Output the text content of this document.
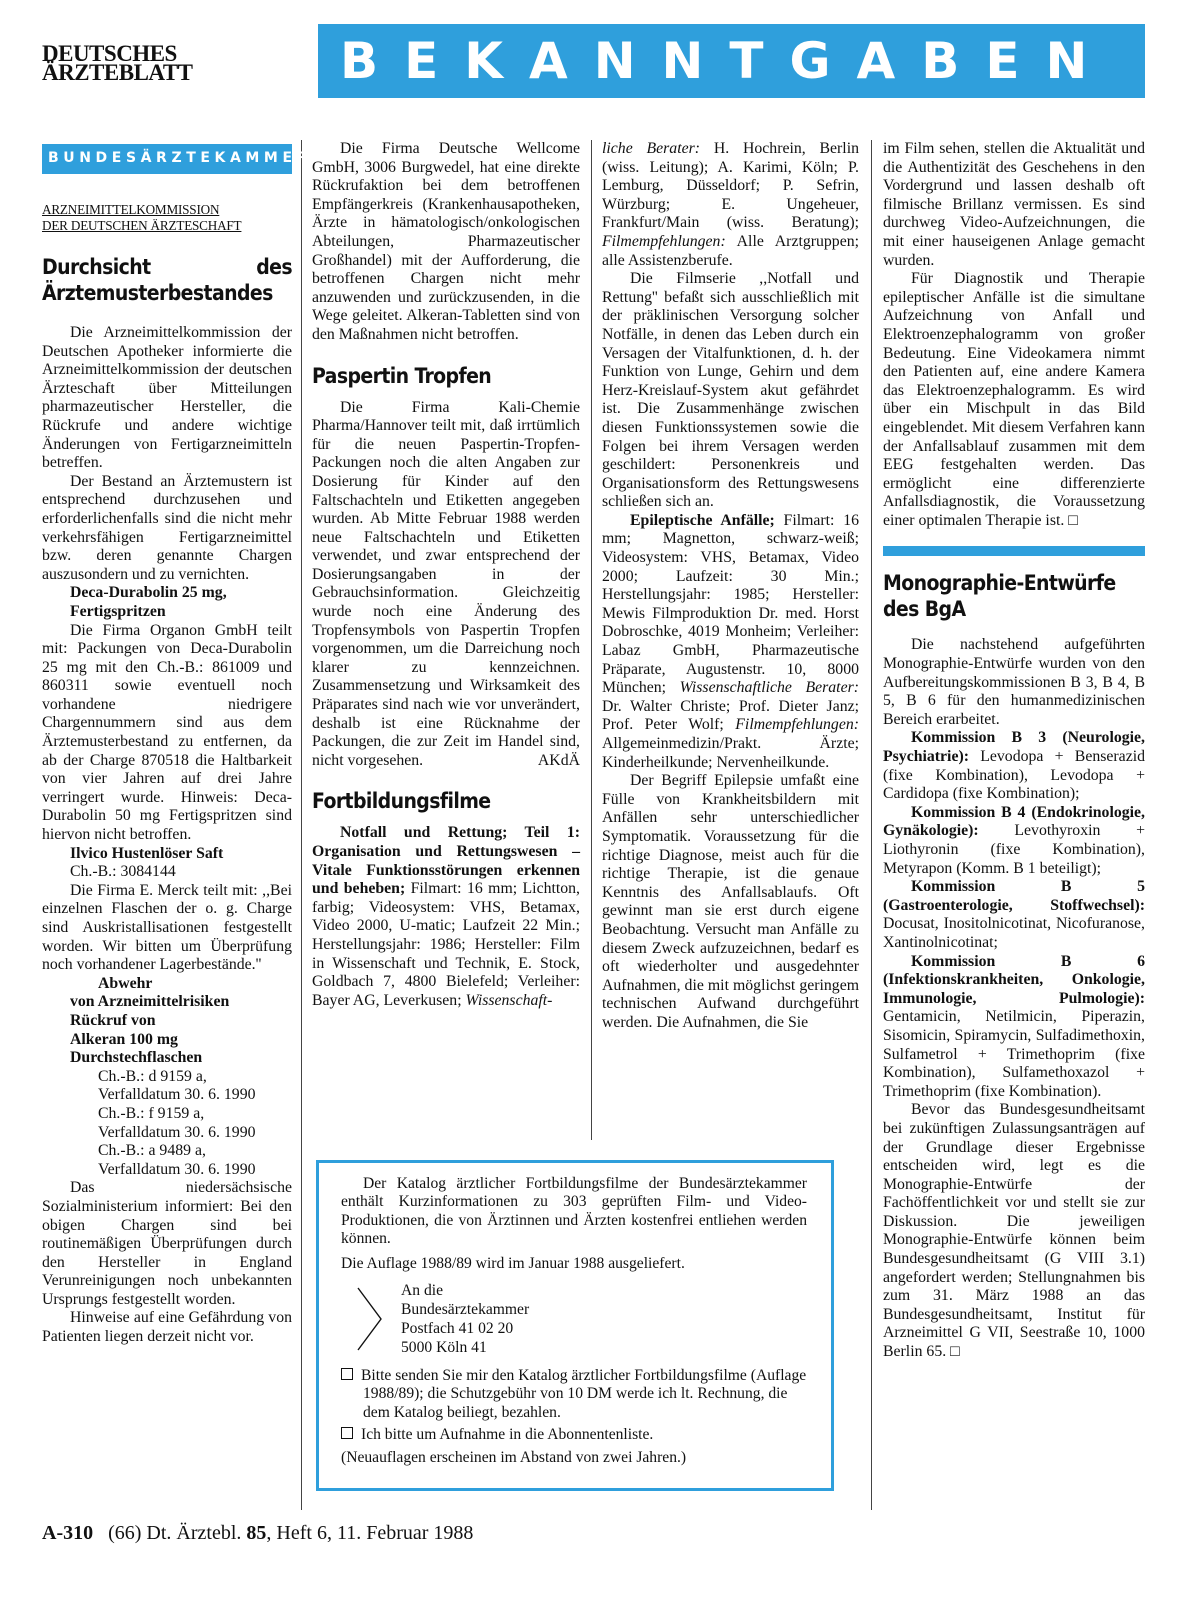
DEUTSCHES
ÄRZTEBLATT	BEKANNTGABEN
BUNDESÄRZTEKAMMER
ARZNEIMITTELKOMMISSION
DER DEUTSCHEN ÄRZTESCHAFT
Durchsicht des Ärztemusterbestandes

Die Arzneimittelkommission der Deutschen Apotheker informierte die Arzneimittelkommission der deutschen Ärzteschaft über Mitteilungen pharmazeutischer Hersteller, die Rückrufe und andere wichtige Änderungen von Fertigarzneimitteln betreffen.

Der Bestand an Ärztemustern ist entsprechend durchzusehen und erforderlichenfalls sind die nicht mehr verkehrsfähigen Fertigarzneimittel bzw. deren genannte Chargen auszusondern und zu vernichten.

Deca-Durabolin 25 mg,

Fertigspritzen

Die Firma Organon GmbH teilt mit: Packungen von Deca-Durabolin 25 mg mit den Ch.-B.: 861009 und 860311 sowie eventuell noch vorhandene niedrigere Chargennummern sind aus dem Ärztemusterbestand zu entfernen, da ab der Charge 870518 die Haltbarkeit von vier Jahren auf drei Jahre verringert wurde. Hinweis: Deca-Durabolin 50 mg Fertigspritzen sind hiervon nicht betroffen.

Ilvico Hustenlöser Saft

Ch.-B.: 3084144

Die Firma E. Merck teilt mit: ,,Bei einzelnen Flaschen der o. g. Charge sind Auskristallisationen festgestellt worden. Wir bitten um Überprüfung noch vorhandener Lagerbestände.''

Abwehr

von Arzneimittelrisiken

Rückruf von

Alkeran 100 mg

Durchstechflaschen

Ch.-B.: d 9159 a,

Verfalldatum 30. 6. 1990

Ch.-B.: f 9159 a,

Verfalldatum 30. 6. 1990

Ch.-B.: a 9489 a,

Verfalldatum 30. 6. 1990

Das niedersächsische Sozialministerium informiert: Bei den obigen Chargen sind bei routinemäßigen Überprüfungen durch den Hersteller in England Verunreinigungen noch unbekannten Ursprungs festgestellt worden.

Hinweise auf eine Gefährdung von Patienten liegen derzeit nicht vor.

Die Firma Deutsche Wellcome GmbH, 3006 Burgwedel, hat eine direkte Rückrufaktion bei dem betroffenen Empfängerkreis (Krankenhausapotheken, Ärzte in hämatologisch/onkologischen Abteilungen, Pharmazeutischer Großhandel) mit der Aufforderung, die betroffenen Chargen nicht mehr anzuwenden und zurückzusenden, in die Wege geleitet. Alkeran-Tabletten sind von den Maßnahmen nicht betroffen.

Paspertin Tropfen

Die Firma Kali-Chemie Pharma/Hannover teilt mit, daß irrtümlich für die neuen Paspertin-Tropfen-Packungen noch die alten Angaben zur Dosierung für Kinder auf den Faltschachteln und Etiketten angegeben wurden. Ab Mitte Februar 1988 werden neue Faltschachteln und Etiketten verwendet, und zwar entsprechend der Dosierungsangaben in der Gebrauchsinformation. Gleichzeitig wurde noch eine Änderung des Tropfensymbols von Paspertin Tropfen vorgenommen, um die Darreichung noch klarer zu kennzeichnen. Zusammensetzung und Wirksamkeit des Präparates sind nach wie vor unverändert, deshalb ist eine Rücknahme der Packungen, die zur Zeit im Handel sind, nicht vorgesehen.	AKdÄ

Fortbildungsfilme

Notfall und Rettung; Teil 1: Organisation und Rettungswesen – Vitale Funktionsstörungen erkennen und beheben; Filmart: 16 mm; Lichtton, farbig; Videosystem: VHS, Betamax, Video 2000, U-matic; Laufzeit 22 Min.; Herstellungsjahr: 1986; Hersteller: Film in Wissenschaft und Technik, E. Stock, Goldbach 7, 4800 Bielefeld; Verleiher: Bayer AG, Leverkusen; Wissenschaft-

liche Berater: H. Hochrein, Berlin (wiss. Leitung); A. Karimi, Köln; P. Lemburg, Düsseldorf; P. Sefrin, Würzburg; E. Ungeheuer, Frankfurt/Main (wiss. Beratung); Filmempfehlungen: Alle Arztgruppen; alle Assistenzberufe.

Die Filmserie ,,Notfall und Rettung'' befaßt sich ausschließlich mit der präklinischen Versorgung solcher Notfälle, in denen das Leben durch ein Versagen der Vitalfunktionen, d. h. der Funktion von Lunge, Gehirn und dem Herz-Kreislauf-System akut gefährdet ist. Die Zusammenhänge zwischen diesen Funktionssystemen sowie die Folgen bei ihrem Versagen werden geschildert: Personenkreis und Organisationsform des Rettungswesens schließen sich an.

Epileptische Anfälle; Filmart: 16 mm; Magnetton, schwarz-weiß; Videosystem: VHS, Betamax, Video 2000; Laufzeit: 30 Min.; Herstellungsjahr: 1985; Hersteller: Mewis Filmproduktion Dr. med. Horst Dobroschke, 4019 Monheim; Verleiher: Labaz GmbH, Pharmazeutische Präparate, Augustenstr. 10, 8000 München; Wissenschaftliche Berater: Dr. Walter Christe; Prof. Dieter Janz; Prof. Peter Wolf; Filmempfehlungen: Allgemeinmedizin/Prakt. Ärzte; Kinderheilkunde; Nervenheilkunde.

Der Begriff Epilepsie umfaßt eine Fülle von Krankheitsbildern mit Anfällen sehr unterschiedlicher Symptomatik. Voraussetzung für die richtige Diagnose, meist auch für die richtige Therapie, ist die genaue Kenntnis des Anfallsablaufs. Oft gewinnt man sie erst durch eigene Beobachtung. Versucht man Anfälle zu diesem Zweck aufzuzeichnen, bedarf es oft wiederholter und ausgedehnter Aufnahmen, die mit möglichst geringem technischen Aufwand durchgeführt werden. Die Aufnahmen, die Sie

im Film sehen, stellen die Aktualität und die Authentizität des Geschehens in den Vordergrund und lassen deshalb oft filmische Brillanz vermissen. Es sind durchweg Video-Aufzeichnungen, die mit einer hauseigenen Anlage gemacht wurden.

Für Diagnostik und Therapie epileptischer Anfälle ist die simultane Aufzeichnung von Anfall und Elektroenzephalogramm von großer Bedeutung. Eine Videokamera nimmt den Patienten auf, eine andere Kamera das Elektroenzephalogramm. Es wird über ein Mischpult in das Bild eingeblendet. Mit diesem Verfahren kann der Anfallsablauf zusammen mit dem EEG festgehalten werden. Das ermöglicht eine differenzierte Anfallsdiagnostik, die Voraussetzung einer optimalen Therapie ist. □

Monographie-Entwürfe des BgA

Die nachstehend aufgeführten Monographie-Entwürfe wurden von den Aufbereitungskommissionen B 3, B 4, B 5, B 6 für den humanmedizinischen Bereich erarbeitet.

Kommission B 3 (Neurologie, Psychiatrie): Levodopa + Benserazid (fixe Kombination), Levodopa + Cardidopa (fixe Kombination);

Kommission B 4 (Endokrinologie, Gynäkologie): Levothyroxin + Liothyronin (fixe Kombination), Metyrapon (Komm. B 1 beteiligt);

Kommission B 5 (Gastroenterologie, Stoffwechsel): Docusat, Inositolnicotinat, Nicofuranose, Xantinolnicotinat;

Kommission B 6 (Infektionskrankheiten, Onkologie, Immunologie, Pulmologie): Gentamicin, Netilmicin, Piperazin, Sisomicin, Spiramycin, Sulfadimethoxin, Sulfametrol + Trimethoprim (fixe Kombination), Sulfamethoxazol + Trimethoprim (fixe Kombination).

Bevor das Bundesgesundheitsamt bei zukünftigen Zulassungsanträgen auf der Grundlage dieser Ergebnisse entscheiden wird, legt es die Monographie-Entwürfe der Fachöffentlichkeit vor und stellt sie zur Diskussion. Die jeweiligen Monographie-Entwürfe können beim Bundesgesundheitsamt (G VIII 3.1) angefordert werden; Stellungnahmen bis zum 31. März 1988 an das Bundesgesundheitsamt, Institut für Arzneimittel G VII, Seestraße 10, 1000 Berlin 65. □

Der Katalog ärztlicher Fortbildungsfilme der Bundesärztekammer enthält Kurzinformationen zu 303 geprüften Film- und Video-Produktionen, die von Ärztinnen und Ärzten kostenfrei entliehen werden können.

Die Auflage 1988/89 wird im Januar 1988 ausgeliefert.

An die
Bundesärztekammer
Postfach 41 02 20
5000 Köln 41

Bitte senden Sie mir den Katalog ärztlicher Fortbildungsfilme (Auflage 1988/89); die Schutzgebühr von 10 DM werde ich lt. Rechnung, die dem Katalog beiliegt, bezahlen.

Ich bitte um Aufnahme in die Abonnentenliste.

(Neuauflagen erscheinen im Abstand von zwei Jahren.)

A-310 (66) Dt. Ärztebl. 85, Heft 6, 11. Februar 1988
